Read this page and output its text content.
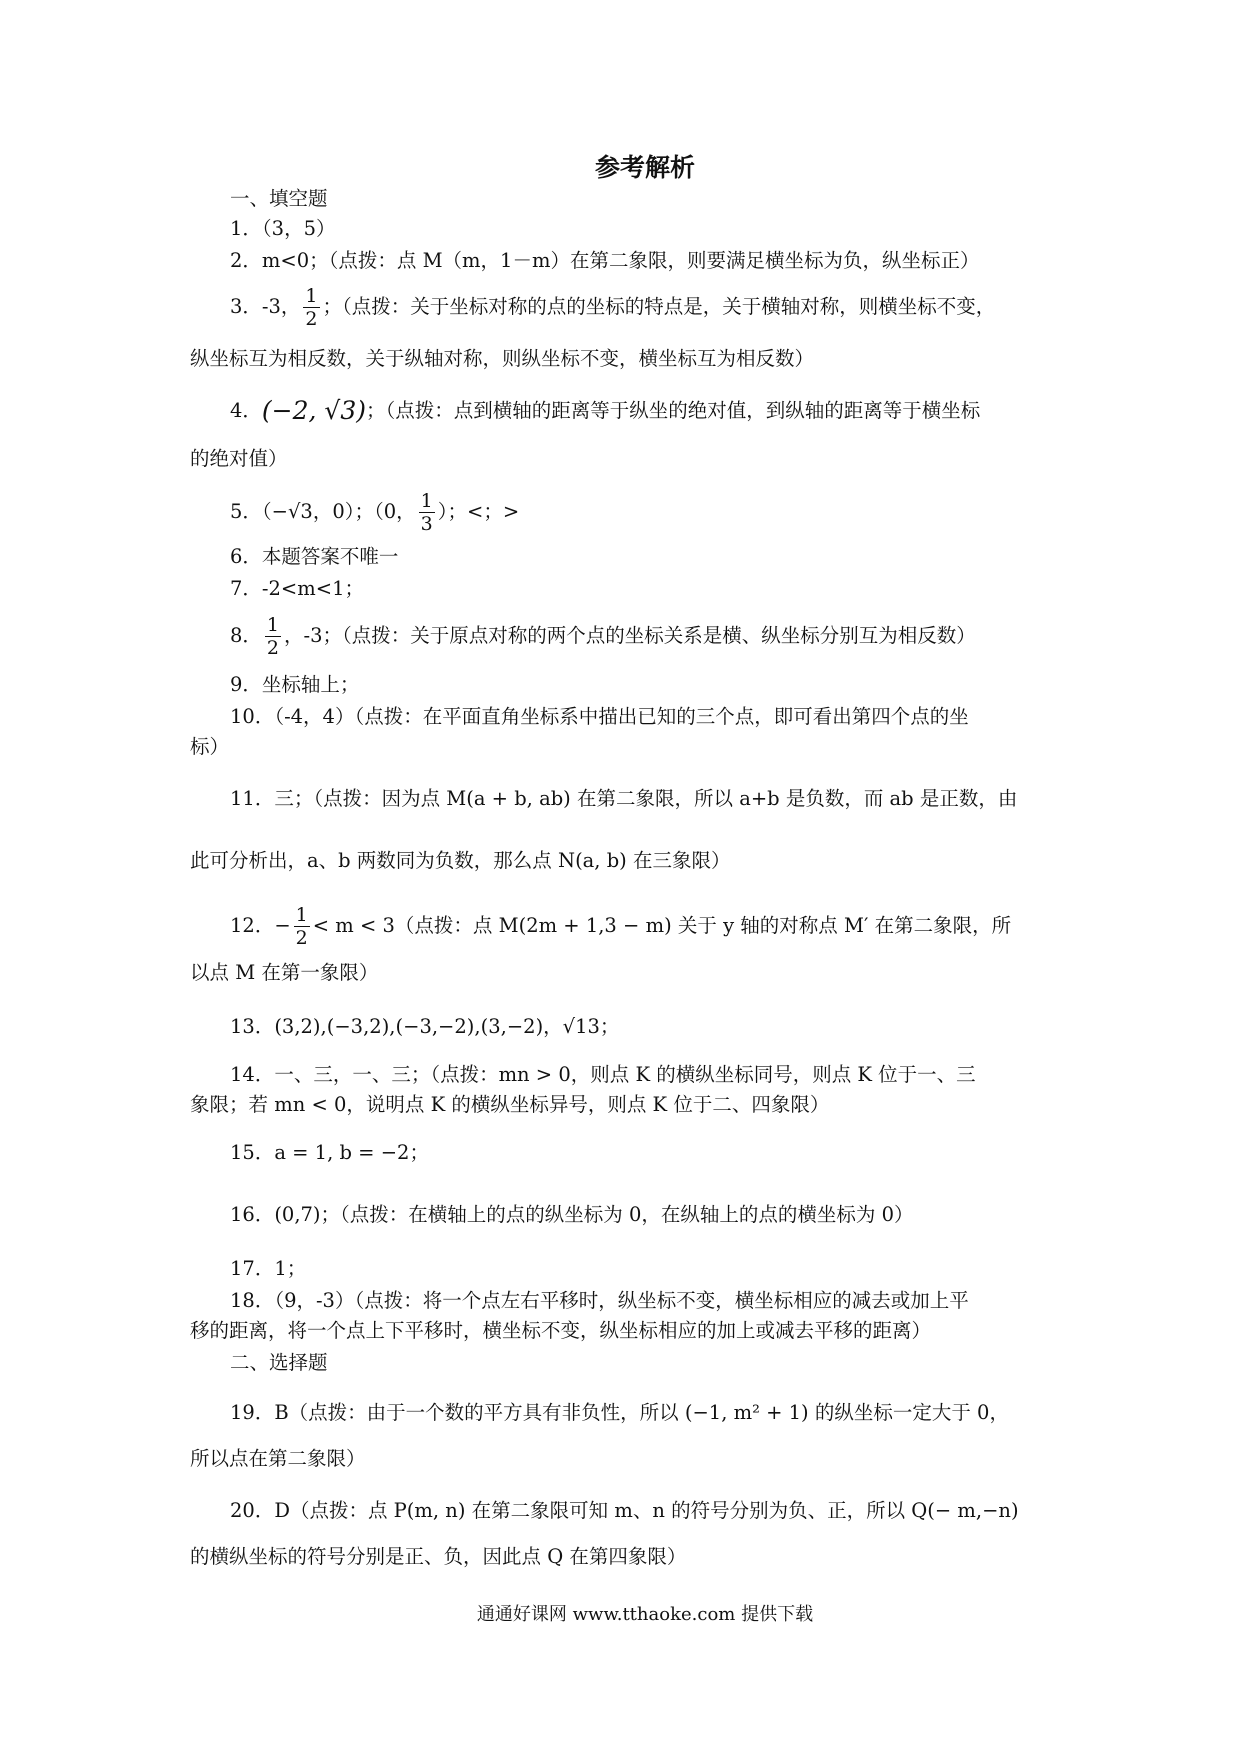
参考解析
一、填空题
1．（3，5）
2．m<0；（点拨：点 M（m，1－m）在第二象限，则要满足横坐标为负，纵坐标正）
3．-3， $\frac{1}{2}$ ；（点拨：关于坐标对称的点的坐标的特点是，关于横轴对称，则横坐标不变，
纵坐标互为相反数，关于纵轴对称，则纵坐标不变，横坐标互为相反数）
4．(−2, √3)；（点拨：点到横轴的距离等于纵坐的绝对值，到纵轴的距离等于横坐标
的绝对值）
5．（−√3，0）；（0， $\frac{1}{3}$ ）；<；>
6．本题答案不唯一
7．-2<m<1；
8． $\frac{1}{2}$ ，-3；（点拨：关于原点对称的两个点的坐标关系是横、纵坐标分别互为相反数）
9．坐标轴上；
10．（-4，4）（点拨：在平面直角坐标系中描出已知的三个点，即可看出第四个点的坐
标）
11．三；（点拨：因为点 M(a + b, ab) 在第二象限，所以 a+b 是负数，而 ab 是正数，由
此可分析出，a、b 两数同为负数，那么点 N(a, b) 在三象限）
12．− $\frac{1}{2} < m < 3$（点拨：点 M(2m + 1,3 − m) 关于 y 轴的对称点 M′ 在第二象限，所
以点 M 在第一象限）
13．(3,2),(−3,2),(−3,−2),(3,−2)，√13；
14．一、三，一、三；（点拨：mn > 0，则点 K 的横纵坐标同号，则点 K 位于一、三
象限；若 mn < 0，说明点 K 的横纵坐标异号，则点 K 位于二、四象限）
15．a = 1, b = −2；
16．(0,7)；（点拨：在横轴上的点的纵坐标为 0，在纵轴上的点的横坐标为 0）
17．1；
18．（9，-3）（点拨：将一个点左右平移时，纵坐标不变，横坐标相应的减去或加上平
移的距离，将一个点上下平移时，横坐标不变，纵坐标相应的加上或减去平移的距离）
二、选择题
19．B（点拨：由于一个数的平方具有非负性，所以 (−1, m² + 1) 的纵坐标一定大于 0，
所以点在第二象限）
20．D（点拨：点 P(m, n) 在第二象限可知 m、n 的符号分别为负、正，所以 Q(− m,−n)
的横纵坐标的符号分别是正、负，因此点 Q 在第四象限）
通通好课网 www.tthaoke.com 提供下载
